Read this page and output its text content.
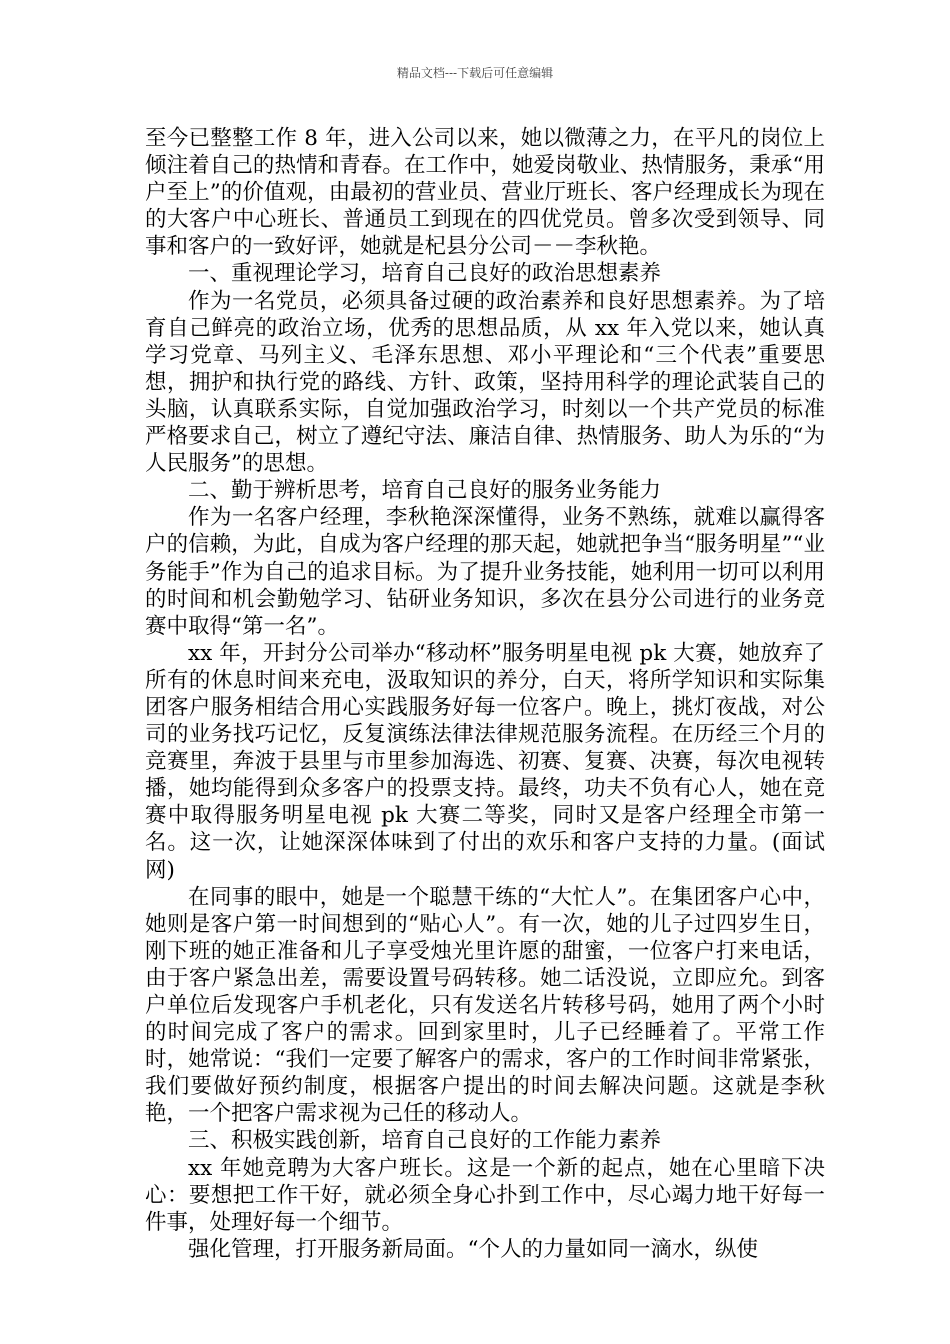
精品文档---下载后可任意编辑

至今已整整工作 8 年，进入公司以来，她以微薄之力，在平凡的岗位上倾注着自己的热情和青春。在工作中，她爱岗敬业、热情服务，秉承“用户至上”的价值观，由最初的营业员、营业厅班长、客户经理成长为现在的大客户中心班长、普通员工到现在的四优党员。曾多次受到领导、同事和客户的一致好评，她就是杞县分公司－－李秋艳。

一、重视理论学习，培育自己良好的政治思想素养

作为一名党员，必须具备过硬的政治素养和良好思想素养。为了培育自己鲜亮的政治立场，优秀的思想品质，从 xx 年入党以来，她认真学习党章、马列主义、毛泽东思想、邓小平理论和“三个代表”重要思想，拥护和执行党的路线、方针、政策，坚持用科学的理论武装自己的头脑，认真联系实际，自觉加强政治学习，时刻以一个共产党员的标准严格要求自己，树立了遵纪守法、廉洁自律、热情服务、助人为乐的“为人民服务”的思想。

二、勤于辨析思考，培育自己良好的服务业务能力

作为一名客户经理，李秋艳深深懂得，业务不熟练，就难以赢得客户的信赖，为此，自成为客户经理的那天起，她就把争当“服务明星”“业务能手”作为自己的追求目标。为了提升业务技能，她利用一切可以利用的时间和机会勤勉学习、钻研业务知识，多次在县分公司进行的业务竞赛中取得“第一名”。

xx 年，开封分公司举办“移动杯”服务明星电视 pk 大赛，她放弃了所有的休息时间来充电，汲取知识的养分，白天，将所学知识和实际集团客户服务相结合用心实践服务好每一位客户。晚上，挑灯夜战，对公司的业务找巧记忆，反复演练法律法律规范服务流程。在历经三个月的竞赛里，奔波于县里与市里参加海选、初赛、复赛、决赛，每次电视转播，她均能得到众多客户的投票支持。最终，功夫不负有心人，她在竞赛中取得服务明星电视 pk 大赛二等奖，同时又是客户经理全市第一名。这一次，让她深深体味到了付出的欢乐和客户支持的力量。(面试网)

在同事的眼中，她是一个聪慧干练的“大忙人”。在集团客户心中，她则是客户第一时间想到的“贴心人”。有一次，她的儿子过四岁生日，刚下班的她正准备和儿子享受烛光里许愿的甜蜜，一位客户打来电话，由于客户紧急出差，需要设置号码转移。她二话没说，立即应允。到客户单位后发现客户手机老化，只有发送名片转移号码，她用了两个小时的时间完成了客户的需求。回到家里时，儿子已经睡着了。平常工作时，她常说：“我们一定要了解客户的需求，客户的工作时间非常紧张，我们要做好预约制度，根据客户提出的时间去解决问题。这就是李秋艳，一个把客户需求视为己任的移动人。

三、积极实践创新，培育自己良好的工作能力素养

xx 年她竞聘为大客户班长。这是一个新的起点，她在心里暗下决心：要想把工作干好，就必须全身心扑到工作中，尽心竭力地干好每一件事，处理好每一个细节。

强化管理，打开服务新局面。“个人的力量如同一滴水，纵使
